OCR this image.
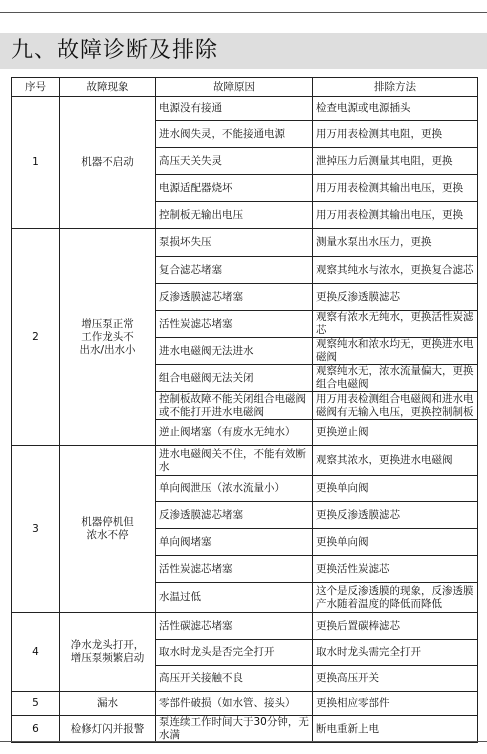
九、故障诊断及排除
序号	故障现象	故障原因	排除方法
1	机器不启动	电源没有接通	检查电源或电源插头
		进水阀失灵，不能接通电源	用万用表检测其电阻，更换
		高压天关失灵	泄掉压力后测量其电阻，更换
		电源适配器烧坏	用万用表检测其输出电压，更换
		控制板无输出电压	用万用表检测其输出电压，更换
2	增压泵正常
工作龙头不
出水/出水小	泵损坏失压	测量水泵出水压力，更换
		复合滤芯堵塞	观察其纯水与浓水，更换复合滤芯
		反渗透膜滤芯堵塞	更换反渗透膜滤芯
		活性炭滤芯堵塞	观察有浓水无纯水，更换活性炭滤芯
		进水电磁阀无法进水	观察纯水和浓水均无，更换进水电磁阀
		组合电磁阀无法关闭	观察纯水无，浓水流量偏大，更换组合电磁阀
		控制板故障不能关闭组合电磁阀或不能打开进水电磁阀	用万用表检测组合电磁阀和进水电磁阀有无输入电压，更换控制制板
		逆止阀堵塞（有废水无纯水）	更换逆止阀
3	机器停机但
浓水不停	进水电磁阀关不住，不能有效断水	观察其浓水，更换进水电磁阀
		单向阀泄压（浓水流量小）	更换单向阀
		反渗透膜滤芯堵塞	更换反渗透膜滤芯
		单向阀堵塞	更换单向阀
		活性炭滤芯堵塞	更换活性炭滤芯
		水温过低	这个是反渗透膜的现象，反渗透膜产水随着温度的降低而降低
4	净水龙头打开，
增压泵频繁启动	活性碳滤芯堵塞	更换后置碳棒滤芯
		取水时龙头是否完全打开	取水时龙头需完全打开
		高压开关接触不良	更换高压开关
5	漏水	零部件破损（如水管、接头）	更换相应零部件
6	检修灯闪并报警	泵连续工作时间大于30分钟，无水满	断电重新上电
